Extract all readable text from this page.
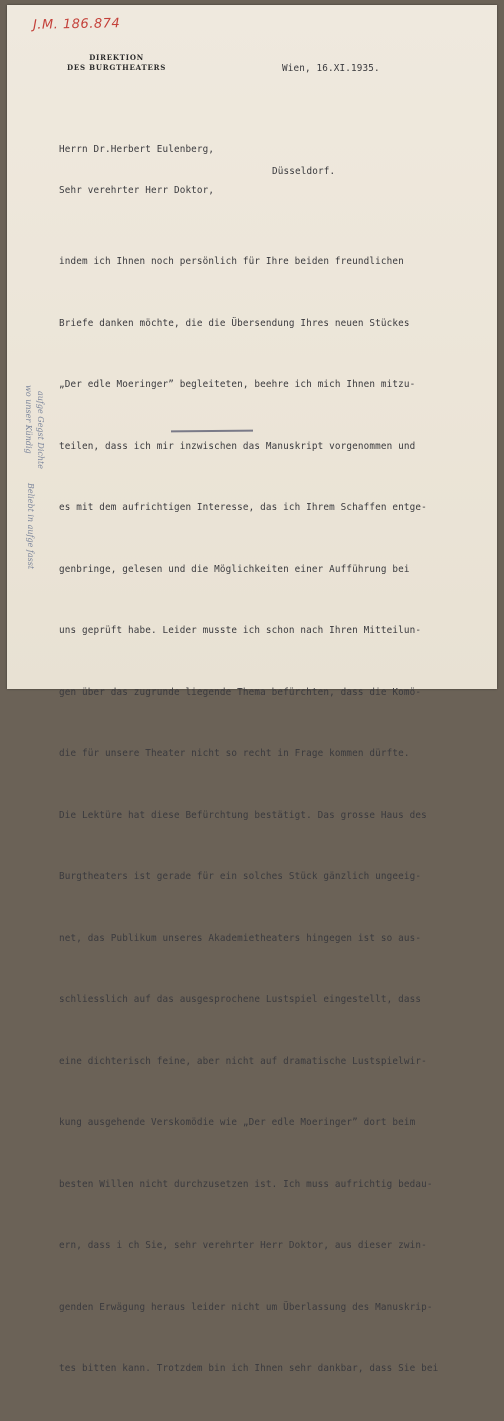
J.M. 186.874
DIREKTION
DES BURGTHEATERS	Wien, 16.XI.1935.
Herrn Dr.Herbert Eulenberg,
Düsseldorf.
Sehr verehrter Herr Doktor,

indem ich Ihnen noch persönlich für Ihre beiden freundlichen

Briefe danken möchte, die die Übersendung Ihres neuen Stückes

„Der edle Moeringer” begleiteten, beehre ich mich Ihnen mitzu-

teilen, dass ich mir inzwischen das Manuskript vorgenommen und

es mit dem aufrichtigen Interesse, das ich Ihrem Schaffen entge-

genbringe, gelesen und die Möglichkeiten einer Aufführung bei

uns geprüft habe. Leider musste ich schon nach Ihren Mitteilun-

gen über das zugrunde liegende Thema befürchten, dass die Komö-

die für unsere Theater nicht so recht in Frage kommen dürfte.

Die Lektüre hat diese Befürchtung bestätigt. Das grosse Haus des

Burgtheaters ist gerade für ein solches Stück gänzlich ungeeig-

net, das Publikum unseres Akademietheaters hingegen ist so aus-

schliesslich auf das ausgesprochene Lustspiel eingestellt, dass

eine dichterisch feine, aber nicht auf dramatische Lustspielwir-

kung ausgehende Verskomödie wie „Der edle Moeringer” dort beim

besten Willen nicht durchzusetzen ist. Ich muss aufrichtig bedau-

ern, dass i ch Sie, sehr verehrter Herr Doktor, aus dieser zwin-

genden Erwägung heraus leider nicht um Überlassung des Manuskrip-

tes bitten kann. Trotzdem bin ich Ihnen sehr dankbar, dass Sie bei

wo unser Kündig
aufge Gegst Dichte
Beliebt in aufge fasst
